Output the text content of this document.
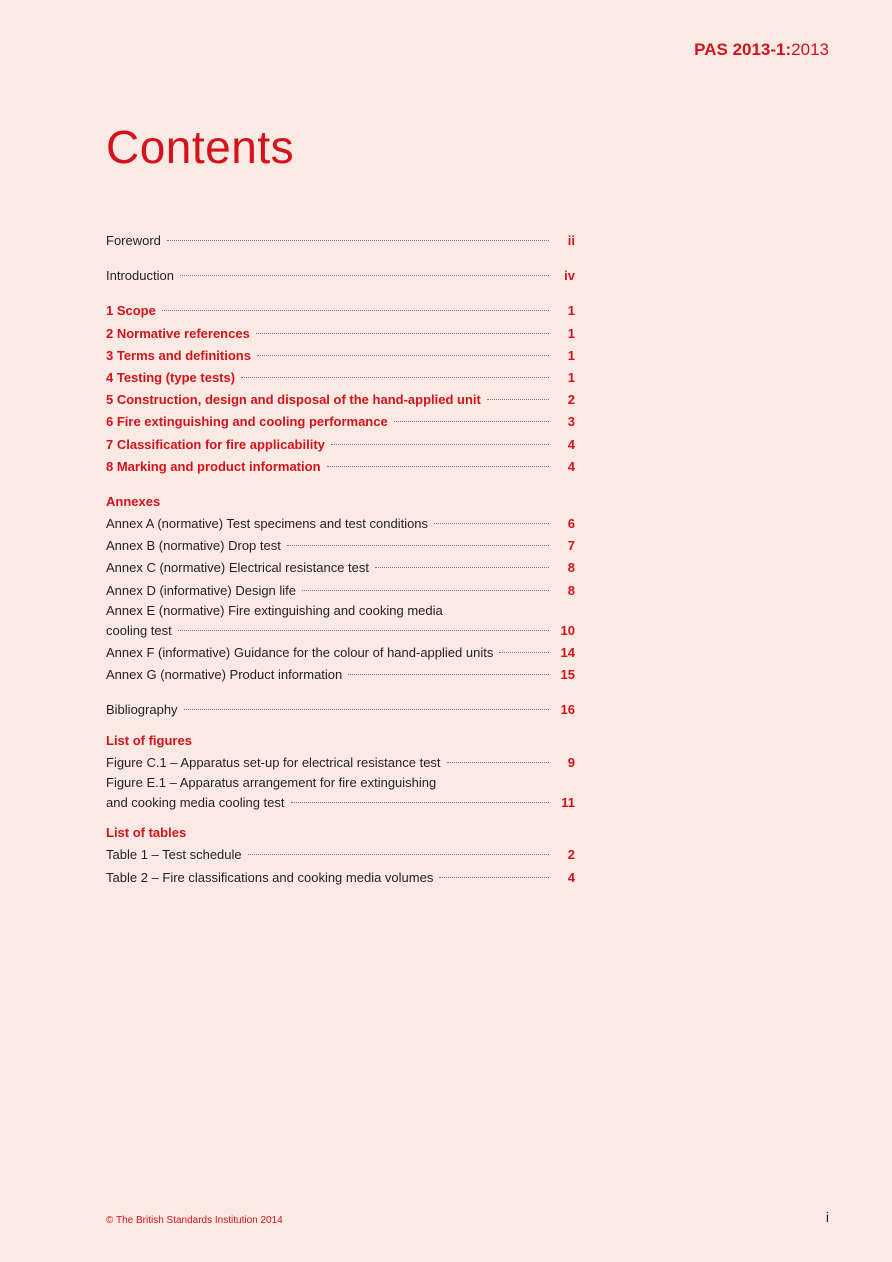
PAS 2013-1:2013
Contents
Foreword	ii
Introduction	iv
1 Scope	1
2 Normative references	1
3 Terms and definitions	1
4 Testing (type tests)	1
5 Construction, design and disposal of the hand-applied unit	2
6 Fire extinguishing and cooling performance	3
7 Classification for fire applicability	4
8 Marking and product information	4
Annexes
Annex A (normative) Test specimens and test conditions	6
Annex B (normative) Drop test	7
Annex C (normative) Electrical resistance test	8
Annex D (informative) Design life	8
Annex E (normative) Fire extinguishing and cooking media
cooling test	10
Annex F (informative) Guidance for the colour of hand-applied units	14
Annex G (normative) Product information	15
Bibliography	16
List of figures
Figure C.1 – Apparatus set-up for electrical resistance test	9
Figure E.1 – Apparatus arrangement for fire extinguishing
and cooking media cooling test	11
List of tables
Table 1 – Test schedule	2
Table 2 – Fire classifications and cooking media volumes	4
© The British Standards Institution 2014	i
